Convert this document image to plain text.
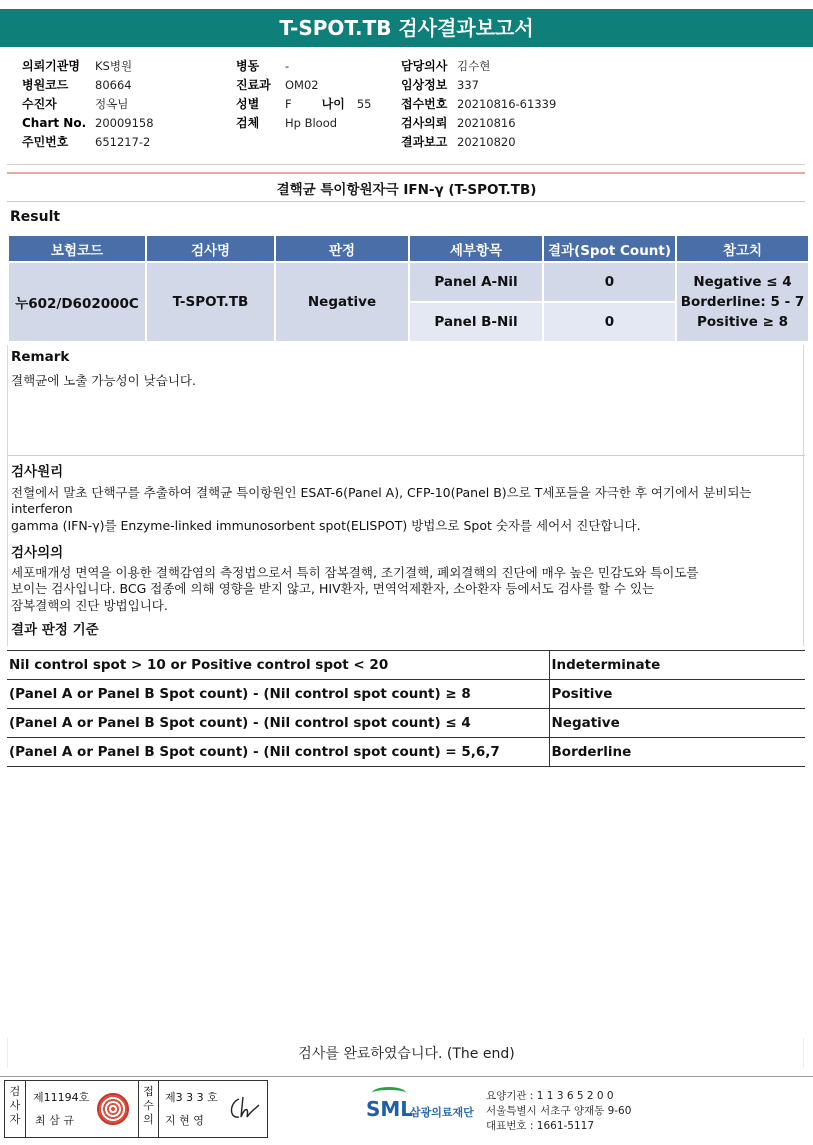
T-SPOT.TB 검사결과보고서
의뢰기관명	KS병원
병원코드	80664
수진자	정옥님
Chart No. 20009158
주민번호	651217-2
병동	-
진료과	OM02
성별	F	나이 55
검체	Hp Blood
담당의사 김수현
임상정보 337
접수번호 20210816-61339
검사의뢰 20210816
결과보고 20210820
결핵균 특이항원자극 IFN-γ (T-SPOT.TB)
Result
보험코드	검사명	판정	세부항목	결과(Spot Count)	참고치
누602/D602000C	T-SPOT.TB	Negative	Panel A-Nil	0	Negative ≤ 4
Borderline: 5 - 7
Positive ≥ 8

			Panel B-Nil	0	
Remark
결핵균에 노출 가능성이 낮습니다.
검사원리
전혈에서 말초 단핵구를 추출하여 결핵균 특이항원인 ESAT-6(Panel A), CFP-10(Panel B)으로 T세포들을 자극한 후 여기에서 분비되는
interferon
gamma (IFN-γ)를 Enzyme-linked immunosorbent spot(ELISPOT) 방법으로 Spot 숫자를 세어서 진단합니다.
검사의의
세포매개성 면역을 이용한 결핵감염의 측정법으로서 특히 잠복결핵, 조기결핵, 폐외결핵의 진단에 매우 높은 민감도와 특이도를
보이는 검사입니다. BCG 접종에 의해 영향을 받지 않고, HIV환자, 면역억제환자, 소아환자 등에서도 검사를 할 수 있는
잠복결핵의 진단 방법입니다.
결과 판정 기준
Nil control spot > 10 or Positive control spot < 20	Indeterminate
(Panel A or Panel B Spot count) - (Nil control spot count) ≥ 8	Positive
(Panel A or Panel B Spot count) - (Nil control spot count) ≤ 4	Negative
(Panel A or Panel B Spot count) - (Nil control spot count) = 5,6,7	Borderline
검사를 완료하였습니다. (The end)
검
사
자
제11194호
최 삼 규
접
수
의
제3 3 3 호
지 현 영	SML
삼광의료재단
요양기관 : 1 1 3 6 5 2 0 0
서울특별시 서초구 양재동 9-60
대표번호 : 1661-5117
